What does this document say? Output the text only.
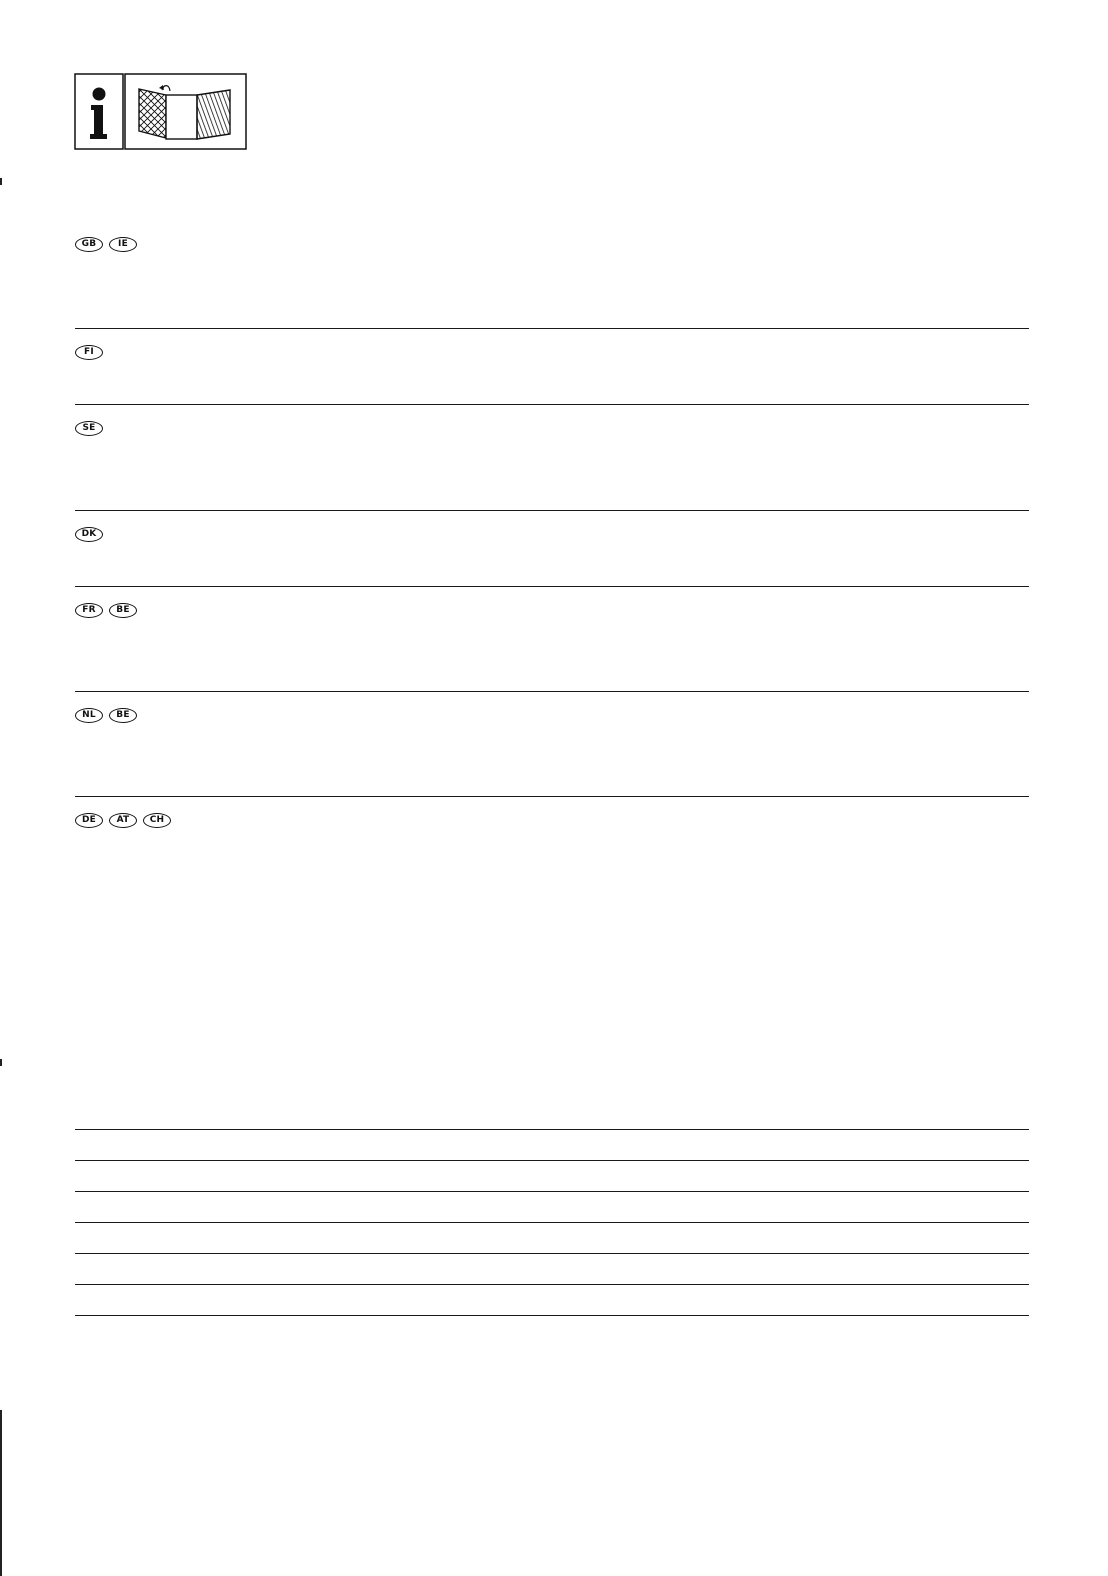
GB	IE
FI
SE
DK
FR	BE
NL	BE
DE	AT	CH
